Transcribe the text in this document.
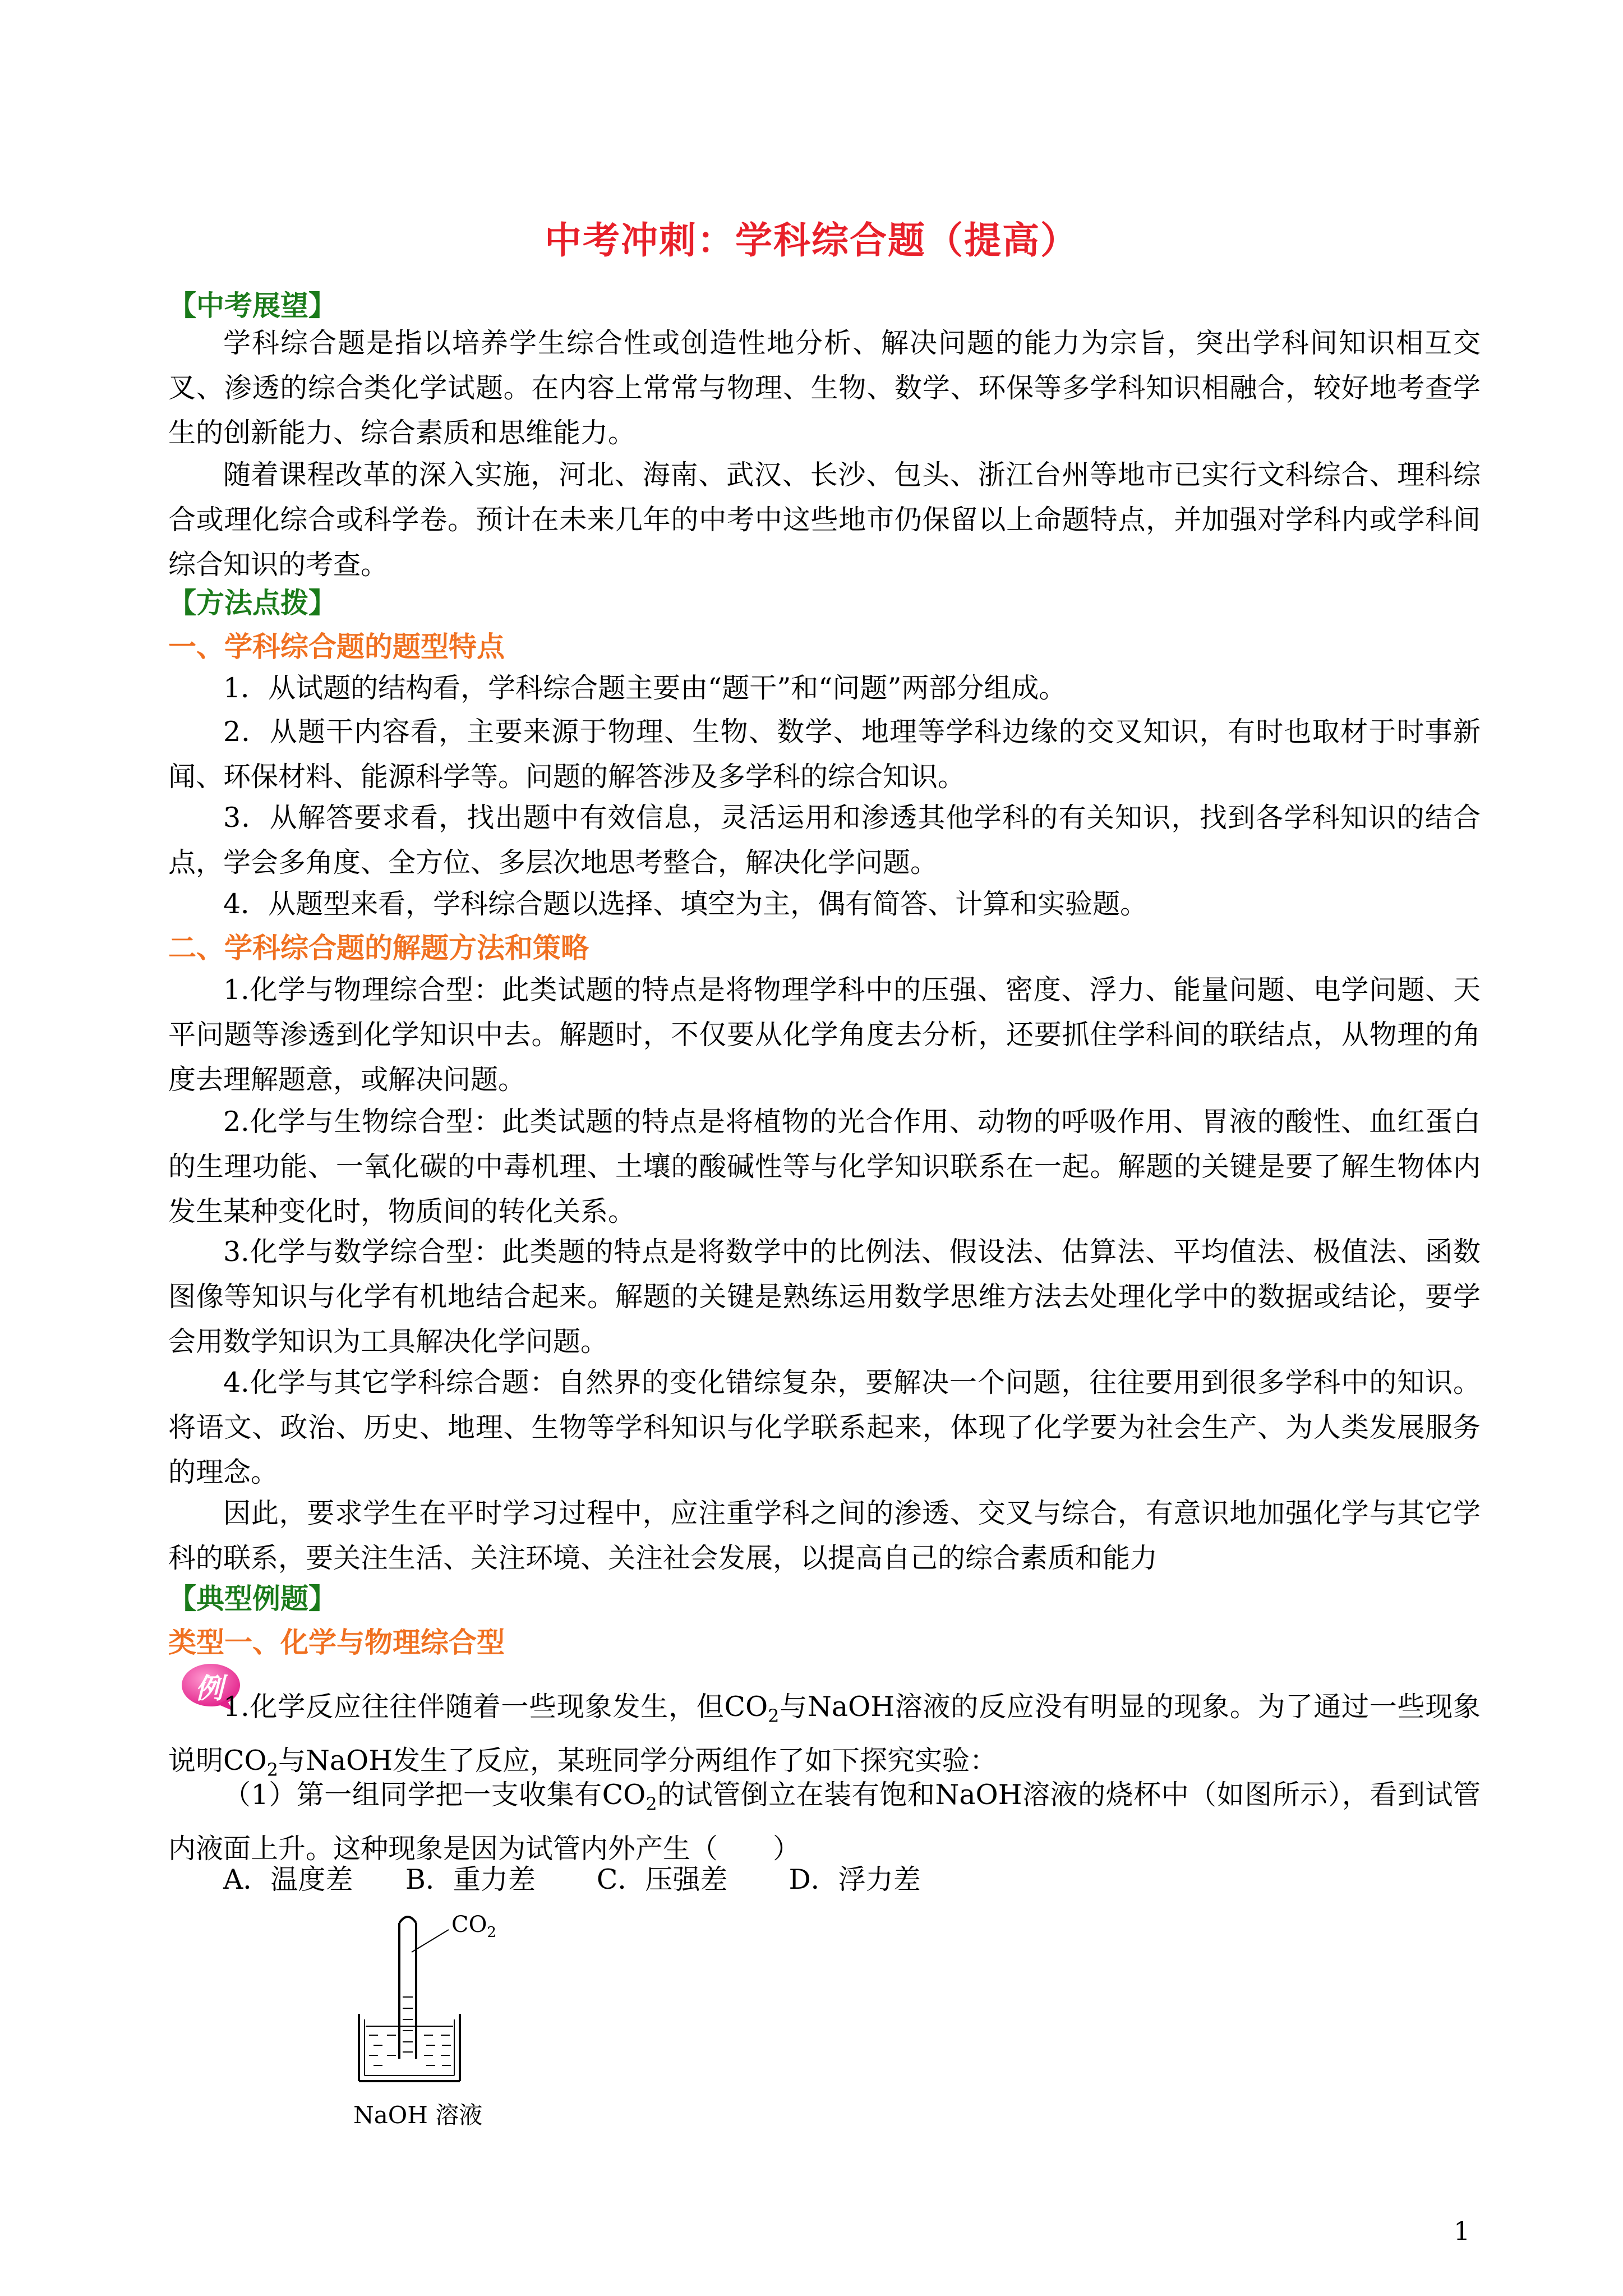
中考冲刺：学科综合题（提高）
【中考展望】

学科综合题是指以培养学生综合性或创造性地分析、解决问题的能力为宗旨，突出学科间知识相互交叉、渗透的综合类化学试题。在内容上常常与物理、生物、数学、环保等多学科知识相融合，较好地考查学生的创新能力、综合素质和思维能力。

随着课程改革的深入实施，河北、海南、武汉、长沙、包头、浙江台州等地市已实行文科综合、理科综合或理化综合或科学卷。预计在未来几年的中考中这些地市仍保留以上命题特点，并加强对学科内或学科间综合知识的考查。

【方法点拨】
一、学科综合题的题型特点

1．从试题的结构看，学科综合题主要由“题干”和“问题”两部分组成。

2．从题干内容看，主要来源于物理、生物、数学、地理等学科边缘的交叉知识，有时也取材于时事新闻、环保材料、能源科学等。问题的解答涉及多学科的综合知识。

3．从解答要求看，找出题中有效信息，灵活运用和渗透其他学科的有关知识，找到各学科知识的结合点，学会多角度、全方位、多层次地思考整合，解决化学问题。

4．从题型来看，学科综合题以选择、填空为主，偶有简答、计算和实验题。

二、学科综合题的解题方法和策略

1.化学与物理综合型：此类试题的特点是将物理学科中的压强、密度、浮力、能量问题、电学问题、天平问题等渗透到化学知识中去。解题时，不仅要从化学角度去分析，还要抓住学科间的联结点，从物理的角度去理解题意，或解决问题。

2.化学与生物综合型：此类试题的特点是将植物的光合作用、动物的呼吸作用、胃液的酸性、血红蛋白的生理功能、一氧化碳的中毒机理、土壤的酸碱性等与化学知识联系在一起。解题的关键是要了解生物体内发生某种变化时，物质间的转化关系。

3.化学与数学综合型：此类题的特点是将数学中的比例法、假设法、估算法、平均值法、极值法、函数图像等知识与化学有机地结合起来。解题的关键是熟练运用数学思维方法去处理化学中的数据或结论，要学会用数学知识为工具解决化学问题。

4.化学与其它学科综合题：自然界的变化错综复杂，要解决一个问题，往往要用到很多学科中的知识。将语文、政治、历史、地理、生物等学科知识与化学联系起来，体现了化学要为社会生产、为人类发展服务的理念。

因此，要求学生在平时学习过程中，应注重学科之间的渗透、交叉与综合，有意识地加强化学与其它学科的联系，要关注生活、关注环境、关注社会发展，以提高自己的综合素质和能力

【典型例题】
类型一、化学与物理综合型
例

1.化学反应往往伴随着一些现象发生，但$CO_2$与NaOH溶液的反应没有明显的现象。为了通过一些现象说明$CO_2$与NaOH发生了反应，某班同学分两组作了如下探究实验：

（1）第一组同学把一支收集有$CO_2$的试管倒立在装有饱和NaOH溶液的烧杯中（如图所示），看到试管内液面上升。这种现象是因为试管内外产生（　　）

A．温度差 B．重力差 C．压强差 D．浮力差
$CO_2$
NaOH 溶液
1
